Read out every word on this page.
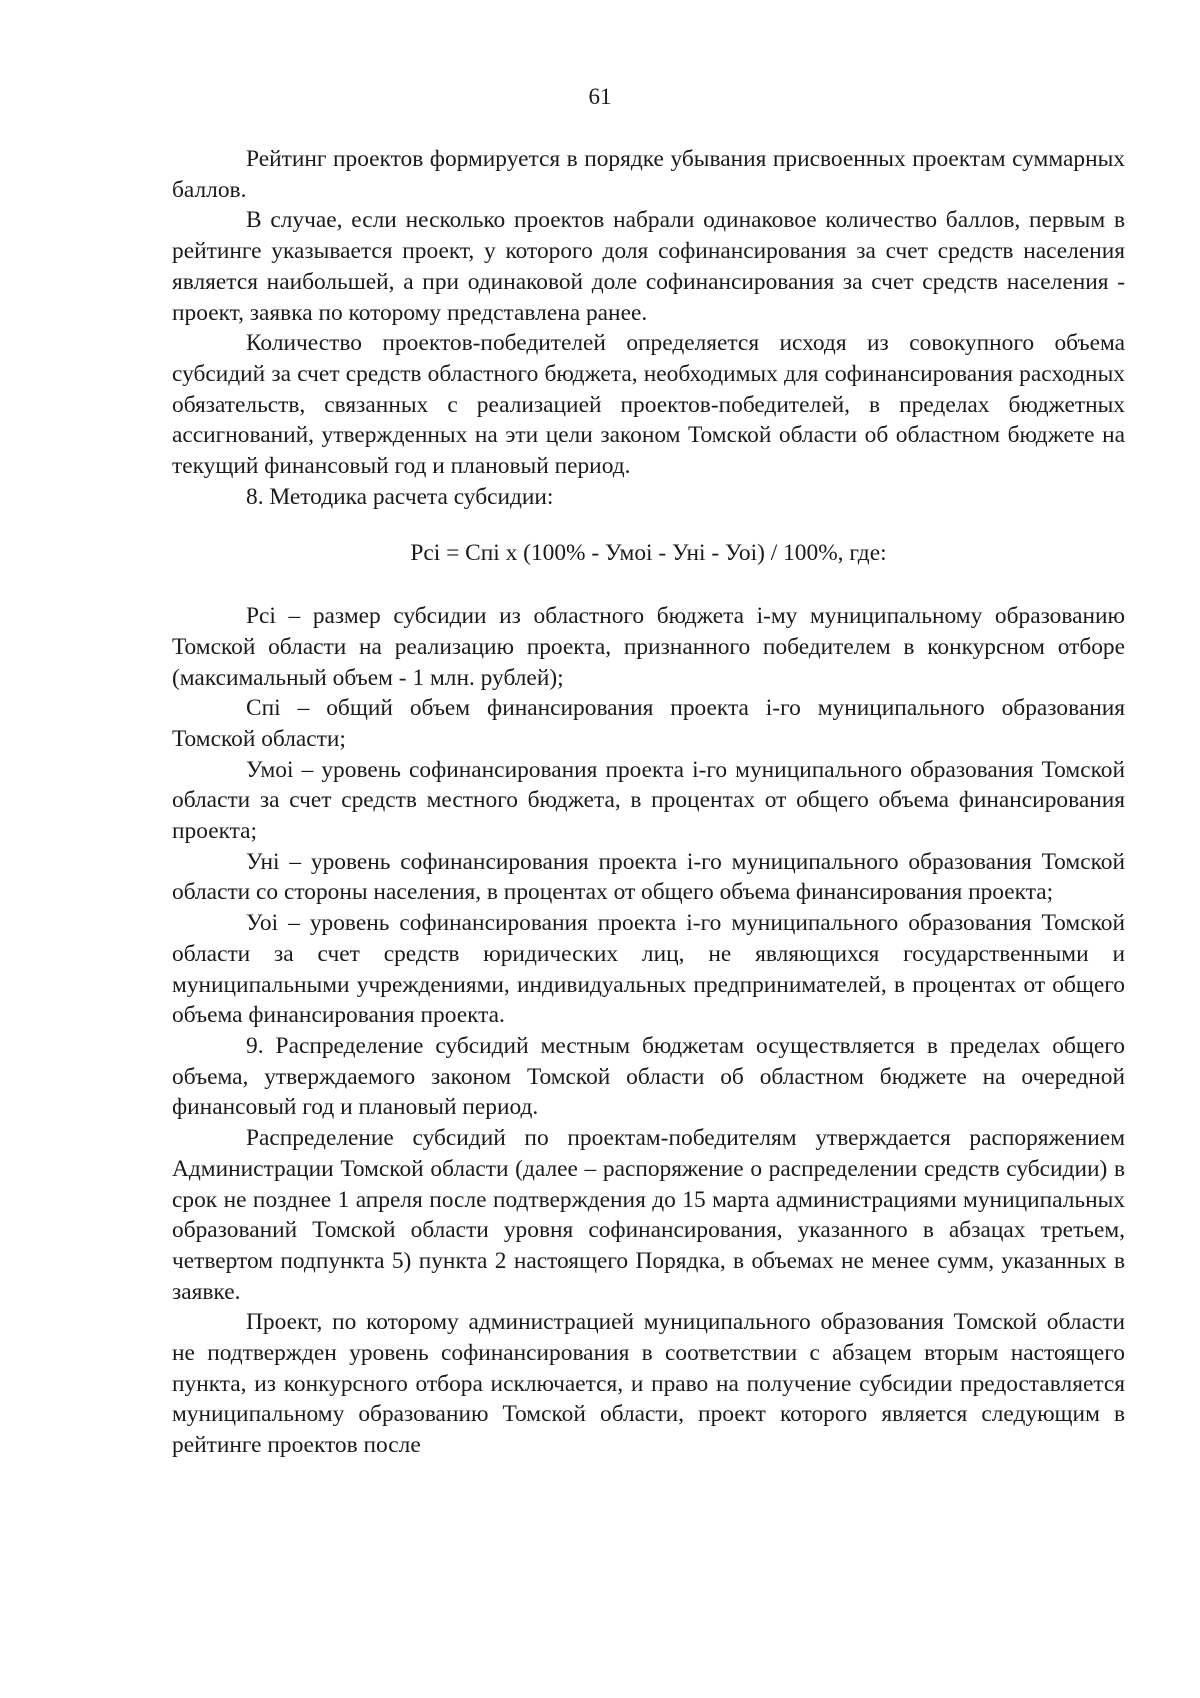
61

Рейтинг проектов формируется в порядке убывания присвоенных проектам суммарных баллов.

В случае, если несколько проектов набрали одинаковое количество баллов, первым в рейтинге указывается проект, у которого доля софинансирования за счет средств населения является наибольшей, а при одинаковой доле софинансирования за счет средств населения - проект, заявка по которому представлена ранее.

Количество проектов-победителей определяется исходя из совокупного объема субсидий за счет средств областного бюджета, необходимых для софинансирования расходных обязательств, связанных с реализацией проектов-победителей, в пределах бюджетных ассигнований, утвержденных на эти цели законом Томской области об областном бюджете на текущий финансовый год и плановый период.

8. Методика расчета субсидии:

Рсi = Спi x (100% - Умоi - Унi - Уоi) / 100%, где:

Рсi – размер субсидии из областного бюджета i-му муниципальному образованию Томской области на реализацию проекта, признанного победителем в конкурсном отборе (максимальный объем - 1 млн. рублей);

Спi – общий объем финансирования проекта i-го муниципального образования Томской области;

Умоi – уровень софинансирования проекта i-го муниципального образования Томской области за счет средств местного бюджета, в процентах от общего объема финансирования проекта;

Унi – уровень софинансирования проекта i-го муниципального образования Томской области со стороны населения, в процентах от общего объема финансирования проекта;

Уоi – уровень софинансирования проекта i-го муниципального образования Томской области за счет средств юридических лиц, не являющихся государственными и муниципальными учреждениями, индивидуальных предпринимателей, в процентах от общего объема финансирования проекта.

9. Распределение субсидий местным бюджетам осуществляется в пределах общего объема, утверждаемого законом Томской области об областном бюджете на очередной финансовый год и плановый период.

Распределение субсидий по проектам-победителям утверждается распоряжением Администрации Томской области (далее – распоряжение о распределении средств субсидии) в срок не позднее 1 апреля после подтверждения до 15 марта администрациями муниципальных образований Томской области уровня софинансирования, указанного в абзацах третьем, четвертом подпункта 5) пункта 2 настоящего Порядка, в объемах не менее сумм, указанных в заявке.

Проект, по которому администрацией муниципального образования Томской области не подтвержден уровень софинансирования в соответствии с абзацем вторым настоящего пункта, из конкурсного отбора исключается, и право на получение субсидии предоставляется муниципальному образованию Томской области, проект которого является следующим в рейтинге проектов после
